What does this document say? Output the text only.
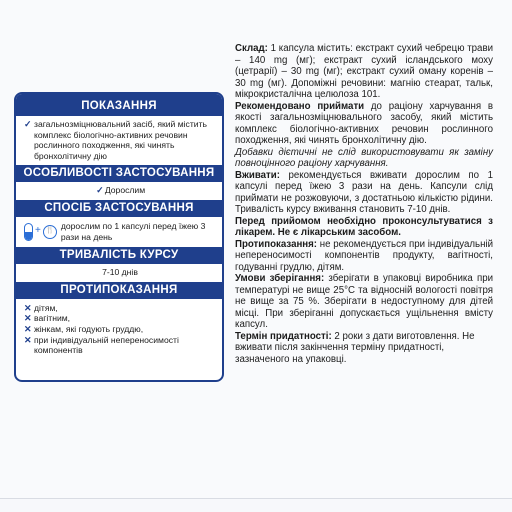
ПОКАЗАННЯ
✓ загальнозміцнювальний засіб, який містить комплекс біологічно-активних речовин рослинного походження, які чинять бронхолітичну дію
ОСОБЛИВОСТІ ЗАСТОСУВАННЯ
✓ Дорослим
СПОСІБ ЗАСТОСУВАННЯ
+ 🍴 дорослим по 1 капсулі перед їжею 3 рази на день
ТРИВАЛІСТЬ КУРСУ
7-10 днів
ПРОТИПОКАЗАННЯ
✕ дітям,
✕ вагітним,
✕ жінкам, які годують груддю,
✕ при індивідуальній непереносимості компонентів

Склад: 1 капсула містить: екстракт сухий чебрецю трави – 140 mg (мг); екстракт сухий ісландського моху (цетрарії) – 30 mg (мг); екстракт сухий оману коренів – 30 mg (мг). Допоміжні речовини: магнію стеарат, тальк, мікрокристалічна целюлоза 101.

Рекомендовано приймати до раціону харчування в якості загальнозміцнювального засобу, який містить комплекс біологічно-активних речовин рослинного походження, які чинять бронхолітичну дію.

Добавки дієтичні не слід використовувати як заміну повноцінного раціону харчування.

Вживати: рекомендується вживати дорослим по 1 капсулі перед їжею 3 рази на день. Капсули слід приймати не розжовуючи, з достатньою кількістю рідини. Тривалість курсу вживання становить 7-10 днів.

Перед прийомом необхідно проконсультуватися з лікарем. Не є лікарським засобом.

Протипоказання: не рекомендується при індивідуальній непереносимості компонентів продукту, вагітності, годуванні грудлю, дітям.

Умови зберігання: зберігати в упаковці виробника при температурі не вище 25°С та відносній вологості повітря не вище за 75 %. Зберігати в недоступному для дітей місці. При зберіганні допускається ущільнення вмісту капсул.

Термін придатності: 2 роки з дати виготовлення. Не вживати після закінчення терміну придатності, зазначеного на упаковці.
